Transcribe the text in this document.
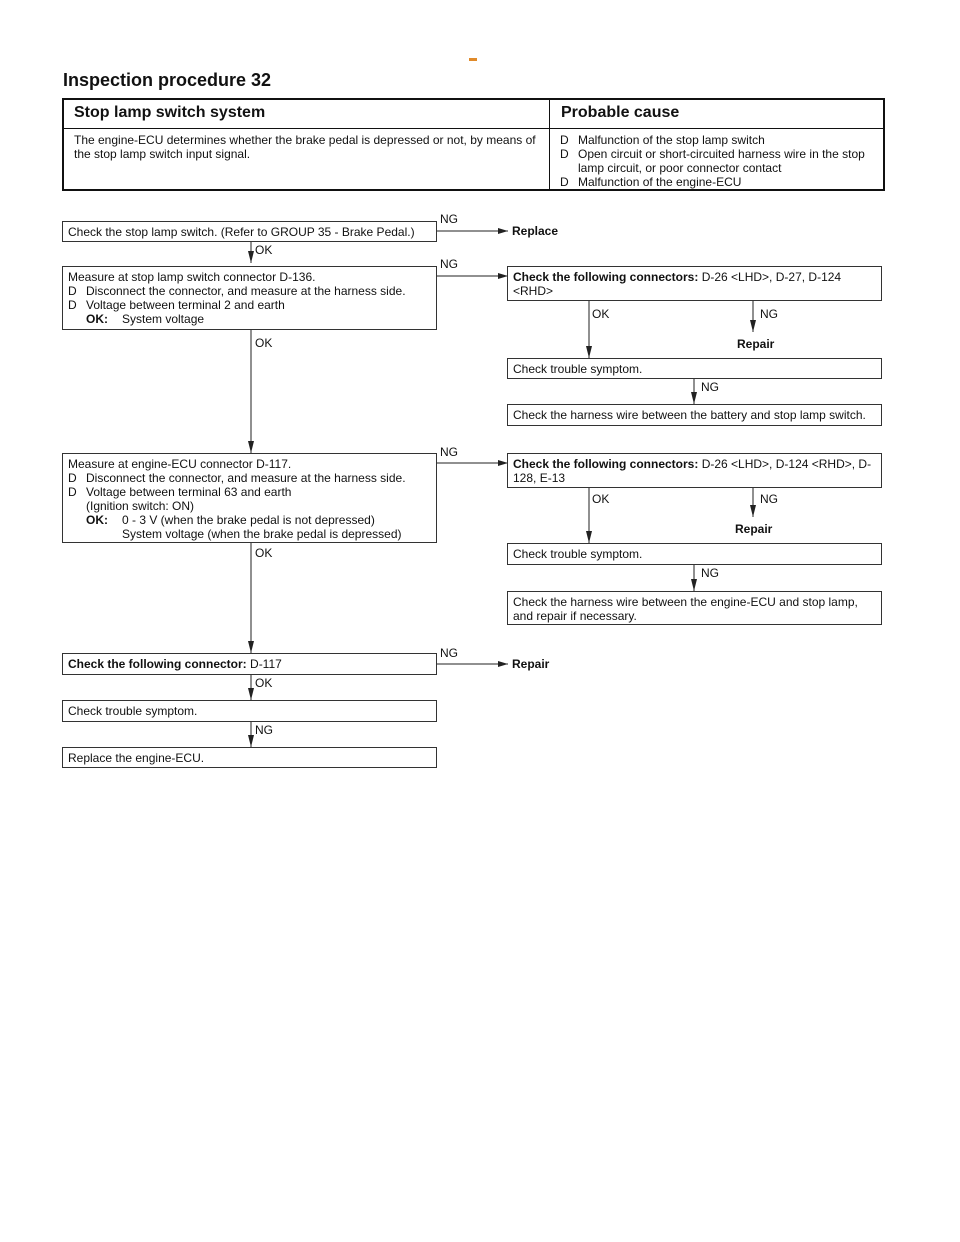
Inspection procedure 32
Stop lamp switch system	Probable cause
The engine-ECU determines whether the brake pedal is depressed or not, by means of the stop lamp switch input signal.
D Malfunction of the stop lamp switch
D Open circuit or short-circuited harness wire in the stop lamp circuit, or poor connector contact
D Malfunction of the engine-ECU
Check the stop lamp switch. (Refer to GROUP 35 - Brake Pedal.)
NG
Replace
OK
Measure at stop lamp switch connector D-136.
D Disconnect the connector, and measure at the harness side.
D Voltage between terminal 2 and earth
OK:	System voltage
NG
Check the following connectors: D-26 <LHD>, D-27, D-124 <RHD>
OK	NG
Repair
OK
Check trouble symptom.
NG
Check the harness wire between the battery and stop lamp switch.
Measure at engine-ECU connector D-117.
D Disconnect the connector, and measure at the harness side.
D Voltage between terminal 63 and earth
(Ignition switch: ON)
OK:	0 - 3 V (when the brake pedal is not depressed)
System voltage (when the brake pedal is depressed)
NG
Check the following connectors: D-26 <LHD>, D-124 <RHD>, D-128, E-13
OK	NG
Repair
OK	Check trouble symptom.
NG
Check the harness wire between the engine-ECU and stop lamp, and repair if necessary.
Check the following connector: D-117
NG
Repair
OK
Check trouble symptom.
NG
Replace the engine-ECU.
